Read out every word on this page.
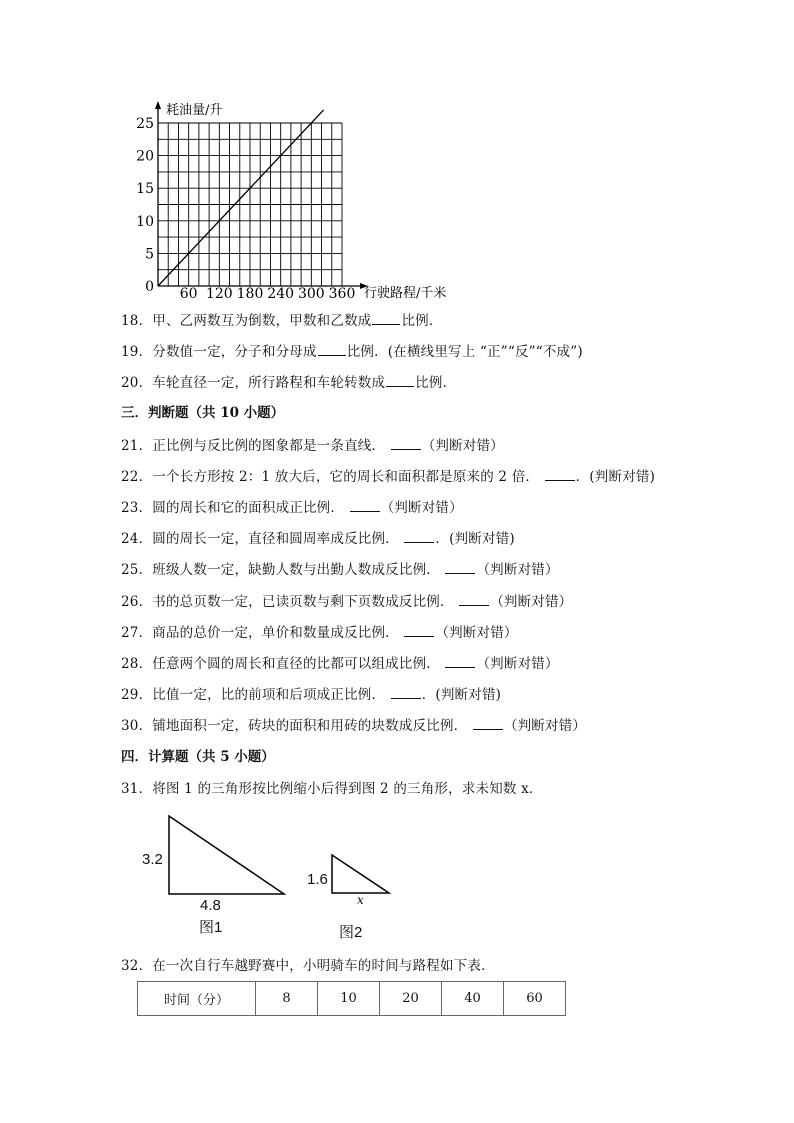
0
5
10
15
20
25
60 120 180 240 300 360
耗油量/升
行驶路程/千米
18．甲、乙两数互为倒数，甲数和乙数成 比例．
19．分数值一定，分子和分母成 比例．(在横线里写上 “正”“反”“不成”)
20．车轮直径一定，所行路程和车轮转数成 比例．
三．判断题（共 10 小题）
21．正比例与反比例的图象都是一条直线．	（判断对错）
22．一个长方形按 2：1 放大后，它的周长和面积都是原来的 2 倍．	．(判断对错)
23．圆的周长和它的面积成正比例．	（判断对错）
24．圆的周长一定，直径和圆周率成反比例．	．(判断对错)
25．班级人数一定，缺勤人数与出勤人数成反比例．	（判断对错）
26．书的总页数一定，已读页数与剩下页数成反比例．	（判断对错）
27．商品的总价一定，单价和数量成反比例．	（判断对错）
28．任意两个圆的周长和直径的比都可以组成比例．	（判断对错）
29．比值一定，比的前项和后项成正比例．	．(判断对错)
30．铺地面积一定，砖块的面积和用砖的块数成反比例．	（判断对错）
四．计算题（共 5 小题）
31．将图 1 的三角形按比例缩小后得到图 2 的三角形，求未知数 x．
3.2
4.8
图1
1.6
x
图2
32．在一次自行车越野赛中，小明骑车的时间与路程如下表．
时间（分）	8	10	20	40	60
